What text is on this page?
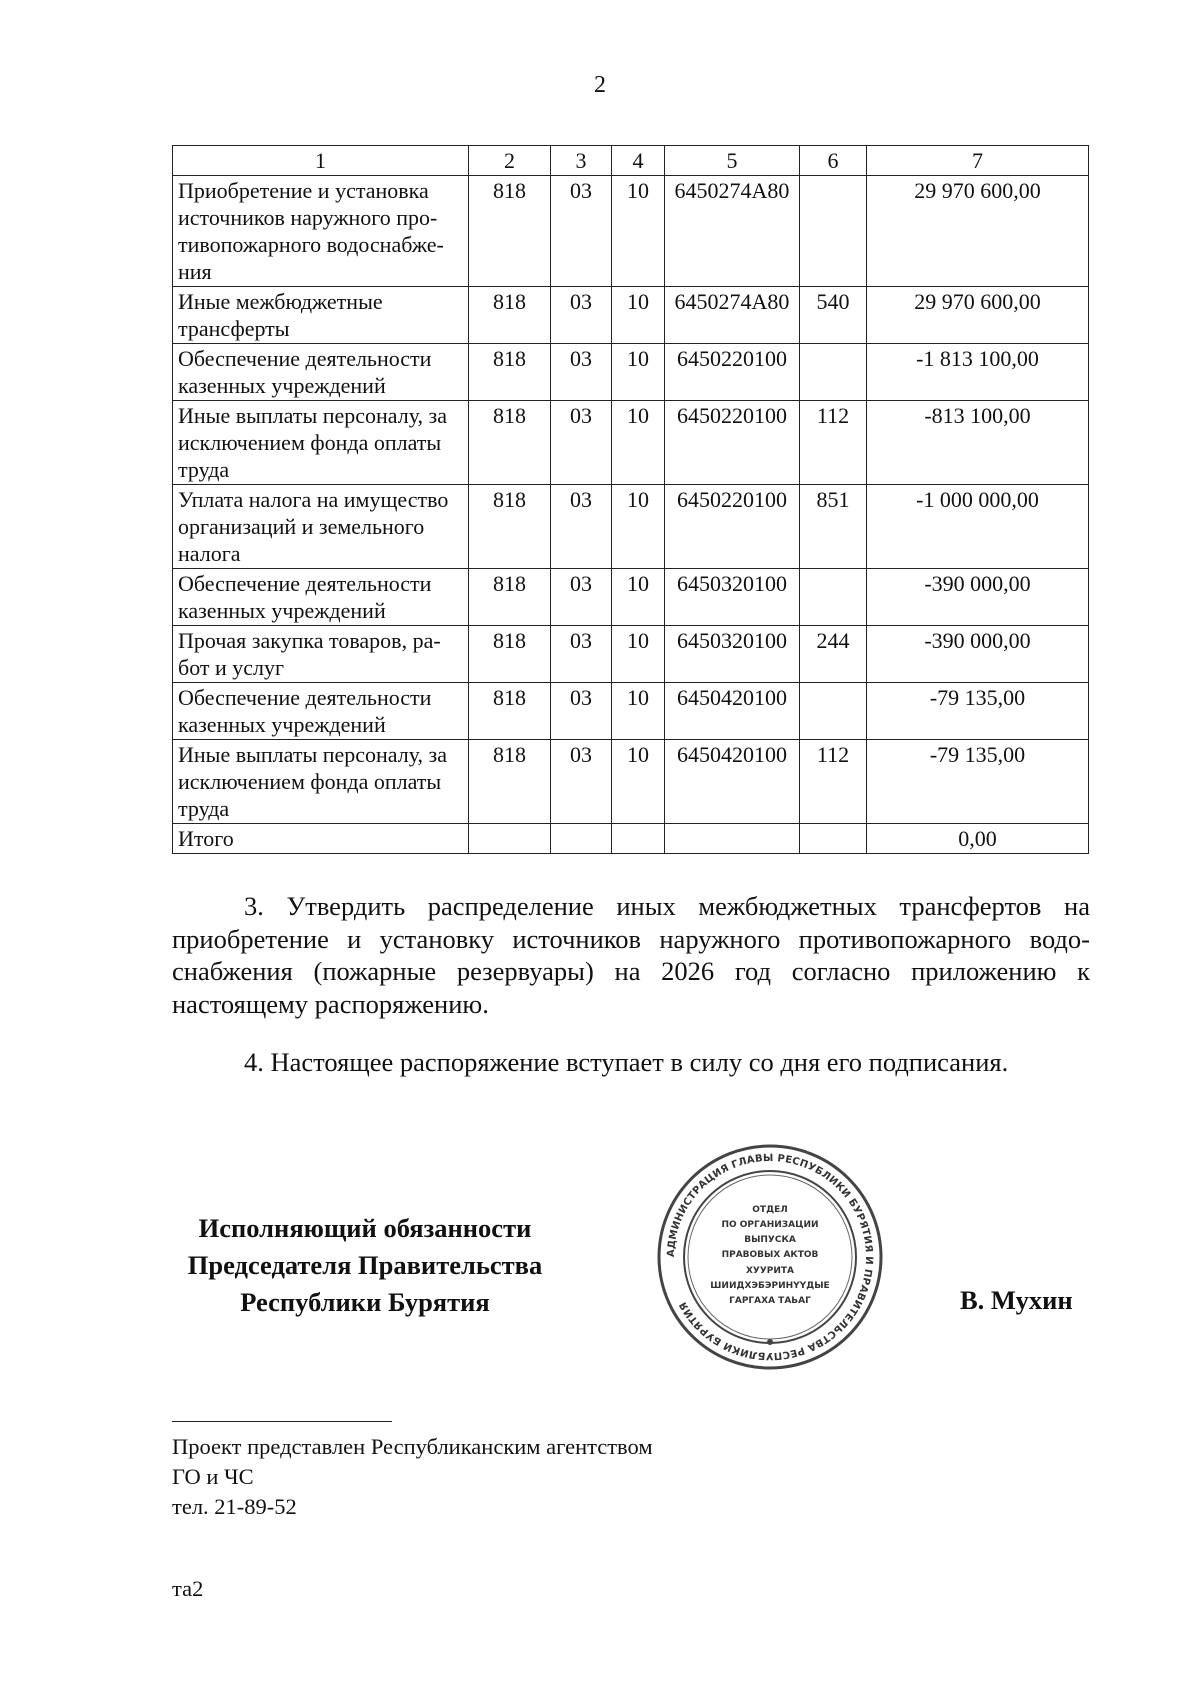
2
1	2	3	4	5	6	7
Приобретение и установка источников наружного про-тивопожарного водоснабже-ния	818	03	10	6450274А80		29 970 600,00
Иные межбюджетные трансферты	818	03	10	6450274А80	540	29 970 600,00
Обеспечение деятельности казенных учреждений	818	03	10	6450220100		-1 813 100,00
Иные выплаты персоналу, за исключением фонда оплаты труда	818	03	10	6450220100	112	-813 100,00
Уплата налога на имущество организаций и земельного налога	818	03	10	6450220100	851	-1 000 000,00
Обеспечение деятельности казенных учреждений	818	03	10	6450320100		-390 000,00
Прочая закупка товаров, ра-бот и услуг	818	03	10	6450320100	244	-390 000,00
Обеспечение деятельности казенных учреждений	818	03	10	6450420100		-79 135,00
Иные выплаты персоналу, за исключением фонда оплаты труда	818	03	10	6450420100	112	-79 135,00
Итого						0,00

3. Утвердить распределение иных межбюджетных трансфертов на приобретение и установку источников наружного противопожарного водо-снабжения (пожарные резервуары) на 2026 год согласно приложению к настоящему распоряжению.

4. Настоящее распоряжение вступает в силу со дня его подписания.

Исполняющий обязанности
Председателя Правительства
Республики Бурятия
АДМИНИСТРАЦИЯ ГЛАВЫ РЕСПУБЛИКИ БУРЯТИЯ И ПРАВИТЕЛЬСТВА РЕСПУБЛИКИ БУРЯТИЯ
ОТДЕЛ
ПО ОРГАНИЗАЦИИ
ВЫПУСКА
ПРАВОВЫХ АКТОВ
ХУУРИТА
ШИИДХЭБЭРИНҮҮДЫЕ
ГАРГАХА ТАЬАГ	В. Мухин
Проект представлен Республиканским агентством
ГО и ЧС
тел. 21-89-52
та2
